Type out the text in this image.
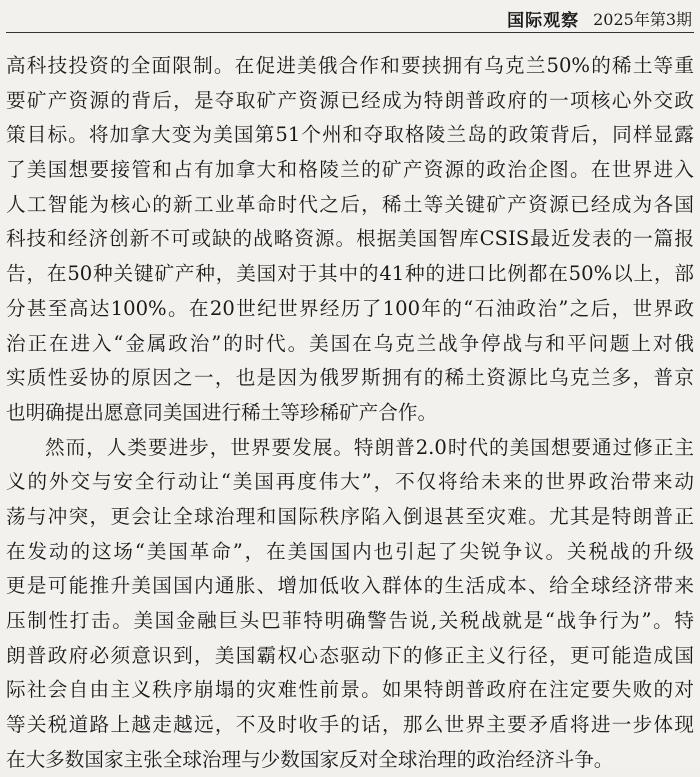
国际观察 2025年第3期
高科技投资的全面限制。在促进美俄合作和要挟拥有乌克兰50%的稀土等重
要矿产资源的背后，是夺取矿产资源已经成为特朗普政府的一项核心外交政
策目标。将加拿大变为美国第51个州和夺取格陵兰岛的政策背后，同样显露
了美国想要接管和占有加拿大和格陵兰的矿产资源的政治企图。在世界进入
人工智能为核心的新工业革命时代之后，稀土等关键矿产资源已经成为各国
科技和经济创新不可或缺的战略资源。根据美国智库CSIS最近发表的一篇报
告，在50种关键矿产种，美国对于其中的41种的进口比例都在50%以上，部
分甚至高达100%。在20世纪世界经历了100年的“石油政治”之后，世界政
治正在进入“金属政治”的时代。美国在乌克兰战争停战与和平问题上对俄
实质性妥协的原因之一，也是因为俄罗斯拥有的稀土资源比乌克兰多，普京
也明确提出愿意同美国进行稀土等珍稀矿产合作。
然而，人类要进步，世界要发展。特朗普2.0时代的美国想要通过修正主
义的外交与安全行动让“美国再度伟大”，不仅将给未来的世界政治带来动
荡与冲突，更会让全球治理和国际秩序陷入倒退甚至灾难。尤其是特朗普正
在发动的这场“美国革命”，在美国国内也引起了尖锐争议。关税战的升级
更是可能推升美国国内通胀、增加低收入群体的生活成本、给全球经济带来
压制性打击。美国金融巨头巴菲特明确警告说,关税战就是“战争行为”。特
朗普政府必须意识到，美国霸权心态驱动下的修正主义行径，更可能造成国
际社会自由主义秩序崩塌的灾难性前景。如果特朗普政府在注定要失败的对
等关税道路上越走越远，不及时收手的话，那么世界主要矛盾将进一步体现
在大多数国家主张全球治理与少数国家反对全球治理的政治经济斗争。
